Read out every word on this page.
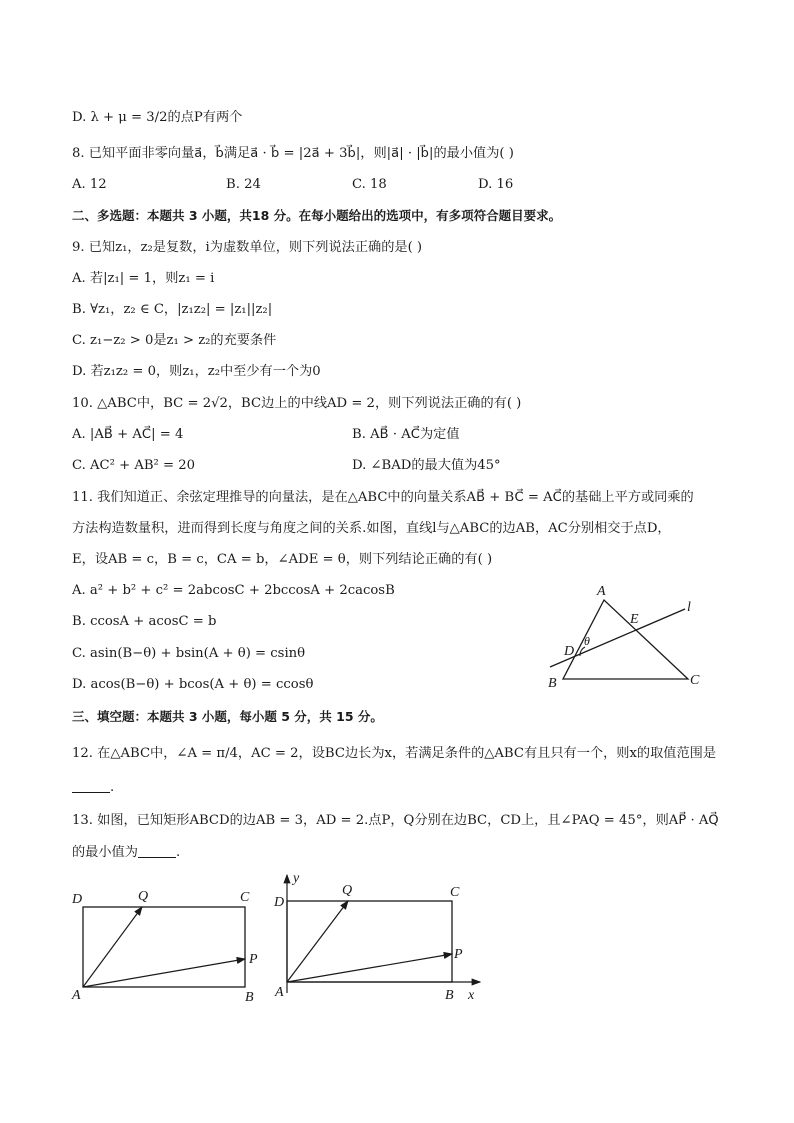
D. λ + μ = 3/2的点P有两个
8. 已知平面非零向量a⃗，b⃗满足a⃗ · b⃗ = |2a⃗ + 3b⃗|，则|a⃗| · |b⃗|的最小值为( )
A. 12	B. 24	C. 18	D. 16
二、多选题：本题共 3 小题，共18 分。在每小题给出的选项中，有多项符合题目要求。
9. 已知z₁，z₂是复数，i为虚数单位，则下列说法正确的是( )
A. 若|z₁| = 1，则z₁ = i
B. ∀z₁，z₂ ∈ C，|z₁z₂| = |z₁||z₂|
C. z₁−z₂ > 0是z₁ > z₂的充要条件
D. 若z₁z₂ = 0，则z₁，z₂中至少有一个为0
10. △ABC中，BC = 2√2，BC边上的中线AD = 2，则下列说法正确的有( )
A. |AB⃗ + AC⃗| = 4	B. AB⃗ · AC⃗为定值
C. AC² + AB² = 20	D. ∠BAD的最大值为45°
11. 我们知道正、余弦定理推导的向量法，是在△ABC中的向量关系AB⃗ + BC⃗ = AC⃗的基础上平方或同乘的
方法构造数量积，进而得到长度与角度之间的关系.如图，直线l与△ABC的边AB，AC分别相交于点D，
E，设AB = c，B = c，CA = b，∠ADE = θ，则下列结论正确的有( )
A. a² + b² + c² = 2abcosC + 2bccosA + 2cacosB
B. ccosA + acosC = b
C. asin(B−θ) + bsin(A + θ) = csinθ
D. acos(B−θ) + bcos(A + θ) = ccosθ
A
B	C
D
E
l
θ
三、填空题：本题共 3 小题，每小题 5 分，共 15 分。
12. 在△ABC中，∠A = π/4，AC = 2，设BC边长为x，若满足条件的△ABC有且只有一个，则x的取值范围是
.
13. 如图，已知矩形ABCD的边AB = 3，AD = 2.点P，Q分别在边BC，CD上，且∠PAQ = 45°，则AP⃗ · AQ⃗
的最小值为	.
D	Q	C
P
A	B
y
D
Q	C
P
A	B x
